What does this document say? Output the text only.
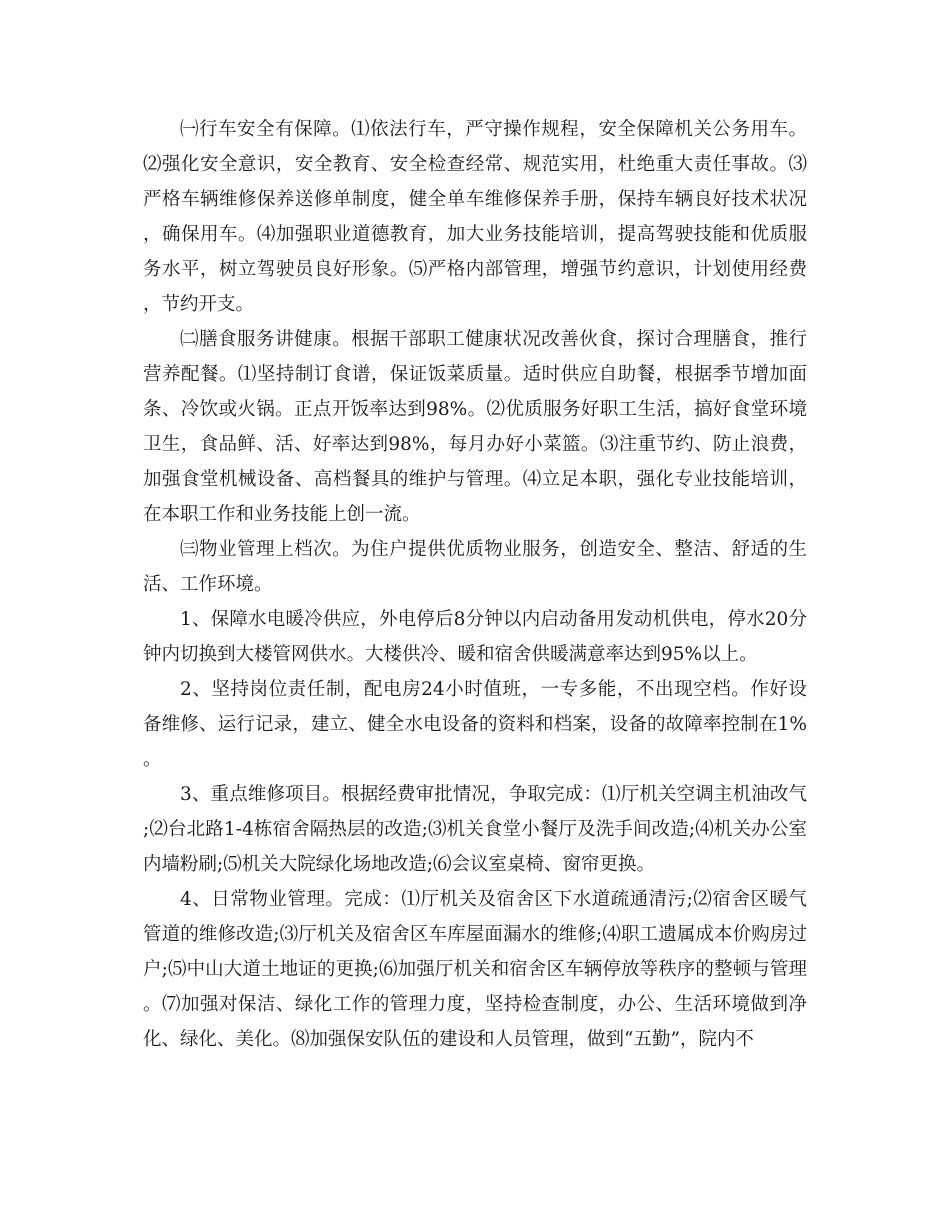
㈠行车安全有保障。⑴依法行车，严守操作规程，安全保障机关公务用车。⑵强化安全意识，安全教育、安全检查经常、规范实用，杜绝重大责任事故。⑶严格车辆维修保养送修单制度，健全单车维修保养手册，保持车辆良好技术状况，确保用车。⑷加强职业道德教育，加大业务技能培训，提高驾驶技能和优质服务水平，树立驾驶员良好形象。⑸严格内部管理，增强节约意识，计划使用经费，节约开支。

㈡膳食服务讲健康。根据干部职工健康状况改善伙食，探讨合理膳食，推行营养配餐。⑴坚持制订食谱，保证饭菜质量。适时供应自助餐，根据季节增加面条、冷饮或火锅。正点开饭率达到98%。⑵优质服务好职工生活，搞好食堂环境卫生，食品鲜、活、好率达到98%，每月办好小菜篮。⑶注重节约、防止浪费，加强食堂机械设备、高档餐具的维护与管理。⑷立足本职，强化专业技能培训，在本职工作和业务技能上创一流。

㈢物业管理上档次。为住户提供优质物业服务，创造安全、整洁、舒适的生活、工作环境。

1、保障水电暖冷供应，外电停后8分钟以内启动备用发动机供电，停水20分钟内切换到大楼管网供水。大楼供冷、暖和宿舍供暖满意率达到95%以上。

2、坚持岗位责任制，配电房24小时值班，一专多能，不出现空档。作好设备维修、运行记录，建立、健全水电设备的资料和档案，设备的故障率控制在1%。

3、重点维修项目。根据经费审批情况，争取完成：⑴厅机关空调主机油改气;⑵台北路1-4栋宿舍隔热层的改造;⑶机关食堂小餐厅及洗手间改造;⑷机关办公室内墙粉刷;⑸机关大院绿化场地改造;⑹会议室桌椅、窗帘更换。

4、日常物业管理。完成：⑴厅机关及宿舍区下水道疏通清污;⑵宿舍区暖气管道的维修改造;⑶厅机关及宿舍区车库屋面漏水的维修;⑷职工遗属成本价购房过户;⑸中山大道土地证的更换;⑹加强厅机关和宿舍区车辆停放等秩序的整顿与管理。⑺加强对保洁、绿化工作的管理力度，坚持检查制度，办公、生活环境做到净化、绿化、美化。⑻加强保安队伍的建设和人员管理，做到“五勤”，院内不
